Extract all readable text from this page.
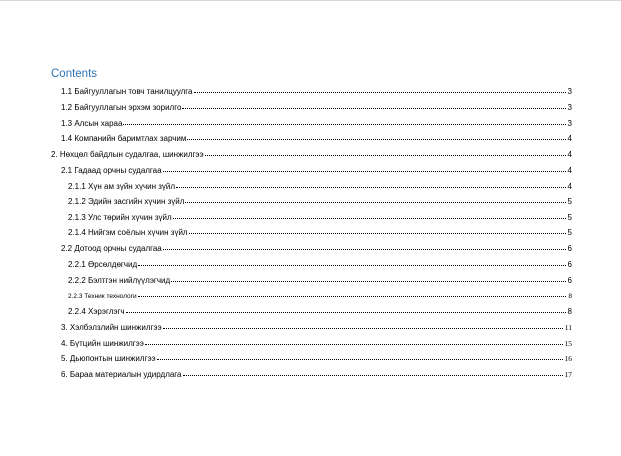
Contents
1.1 Байгууллагын товч танилцуулга	3
1.2 Байгууллагын эрхэм зорилго	3
1.3 Алсын хараа	3
1.4 Компанийн баримтлах зарчим	4
2. Нөхцөл байдлын судалгаа, шинжилгээ	4
2.1 Гадаад орчны судалгаа	4
2.1.1 Хүн ам зүйн хүчин зүйл	4
2.1.2 Эдийн засгийн хүчин зүйл	5
2.1.3 Улс төрийн хүчин зүйл	5
2.1.4 Нийгэм соёлын хүчин зүйл	5
2.2 Дотоод орчны судалгаа	6
2.2.1 Өрсөлдөгчид	6
2.2.2 Бэлтгэн нийлүүлэгчид	6
2.2.3 Техник технологи	8
2.2.4 Хэрэглэгч	8
3. Хэлбэлзлийн шинжилгээ	11
4. Бүтцийн шинжилгээ	15
5. Дьюпонтын шинжилгээ	16
6. Бараа материалын удирдлага	17
